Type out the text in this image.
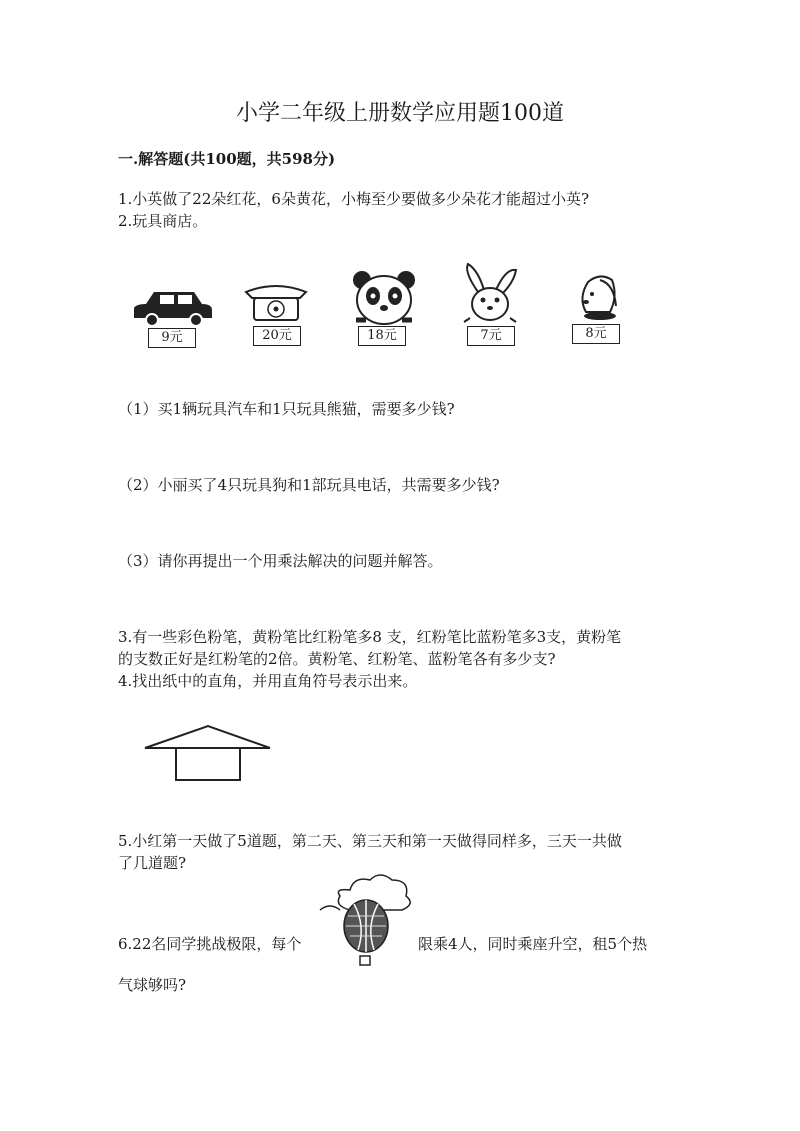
小学二年级上册数学应用题100道
一.解答题(共100题，共598分)
1.小英做了22朵红花，6朵黄花，小梅至少要做多少朵花才能超过小英?
2.玩具商店。
9元	20元	18元	7元	8元
（1）买1辆玩具汽车和1只玩具熊猫，需要多少钱?
（2）小丽买了4只玩具狗和1部玩具电话，共需要多少钱?
（3）请你再提出一个用乘法解决的问题并解答。
3.有一些彩色粉笔，黄粉笔比红粉笔多8 支，红粉笔比蓝粉笔多3支，黄粉笔
的支数正好是红粉笔的2倍。黄粉笔、红粉笔、蓝粉笔各有多少支?
4.找出纸中的直角，并用直角符号表示出来。
5.小红第一天做了5道题，第二天、第三天和第一天做得同样多，三天一共做
了几道题?
6.22名同学挑战极限，每个	限乘4人，同时乘座升空，租5个热
气球够吗?
